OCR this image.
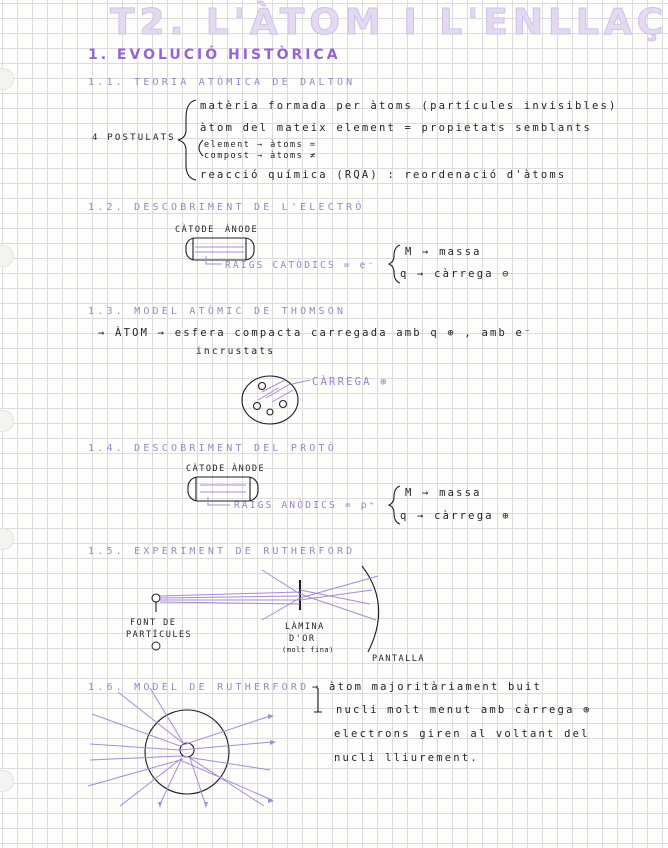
T2. L'ÀTOM I L'ENLLAÇ
1. EVOLUCIÓ HISTÒRICA
1.1. TEORIA ATÒMICA DE DALTON
4 POSTULATS
matèria formada per àtoms (partícules invisibles)
àtom del mateix element = propietats semblants
element → àtoms =
compost → àtoms ≠
reacció química (RQA) : reordenació d'àtoms
1.2. DESCOBRIMENT DE L'ELECTRÓ
CÀTODE ÀNODE
RAIGS CATÒDICS = e⁻
M → massa
q → càrrega ⊖
1.3. MODEL ATÒMIC DE THOMSON
→ ÀTOM → esfera compacta carregada amb q ⊕ , amb e⁻
incrustats
CÀRREGA ⊕
1.4. DESCOBRIMENT DEL PROTÓ
CÀTODE ÀNODE
RAIGS ANÒDICS = p⁺
M → massa
q → càrrega ⊕
1.5. EXPERIMENT DE RUTHERFORD
FONT DE
PARTÍCULES
LÀMINA
D'OR
(molt fina)
PANTALLA
1.6. MODEL DE RUTHERFORD → àtom majoritàriament buit
nucli molt menut amb càrrega ⊕
electrons giren al voltant del
nucli lliurement.
